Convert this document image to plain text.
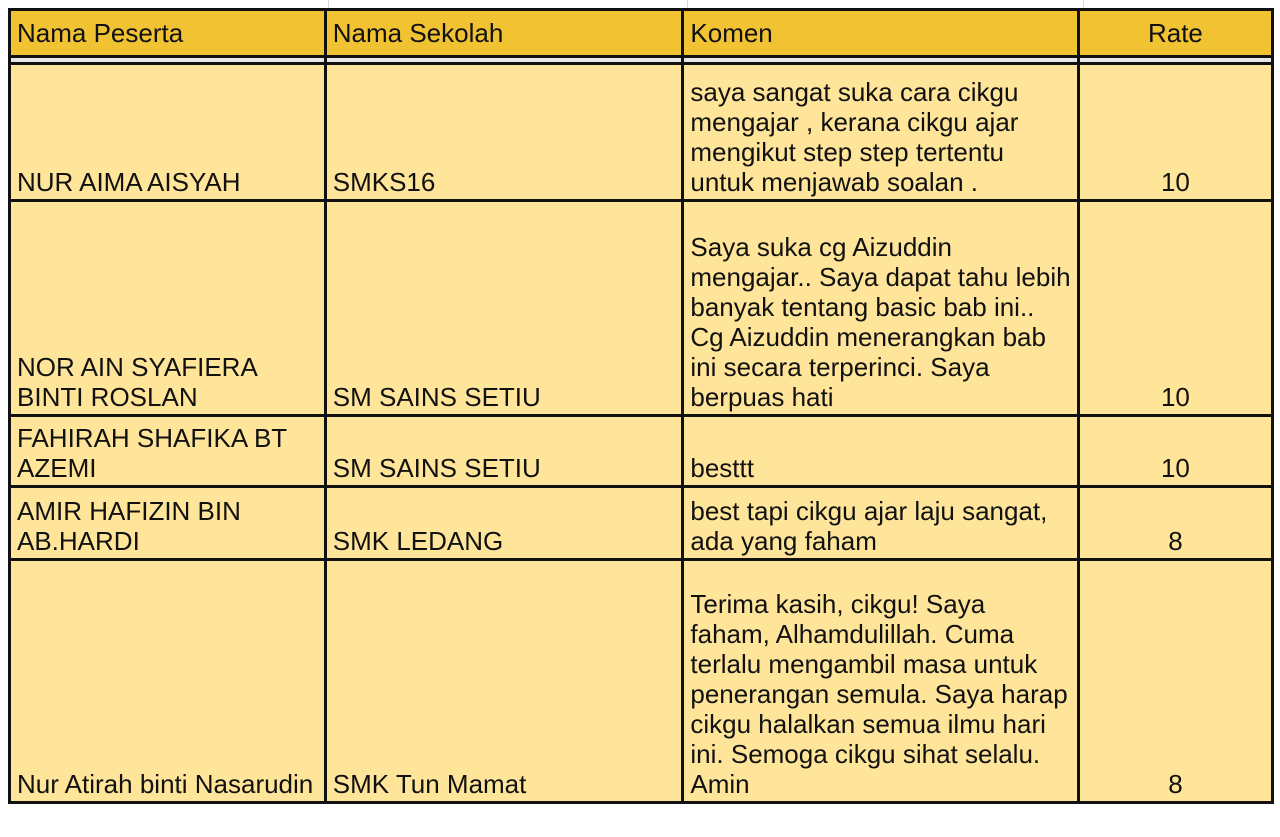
Nama Peserta	Nama Sekolah	Komen	Rate

NUR AIMA AISYAH	SMKS16	saya sangat suka cara cikgu mengajar , kerana cikgu ajar mengikut step step tertentu untuk menjawab soalan .	10
NOR AIN SYAFIERA BINTI ROSLAN	SM SAINS SETIU	Saya suka cg Aizuddin mengajar.. Saya dapat tahu lebih banyak tentang basic bab ini.. Cg Aizuddin menerangkan bab ini secara terperinci. Saya berpuas hati	10
FAHIRAH SHAFIKA BT AZEMI	SM SAINS SETIU	besttt	10
AMIR HAFIZIN BIN AB.HARDI	SMK LEDANG	best tapi cikgu ajar laju sangat, ada yang faham	8
Nur Atirah binti Nasarudin	SMK Tun Mamat	Terima kasih, cikgu! Saya faham, Alhamdulillah. Cuma terlalu mengambil masa untuk penerangan semula. Saya harap cikgu halalkan semua ilmu hari ini. Semoga cikgu sihat selalu. Amin	8
